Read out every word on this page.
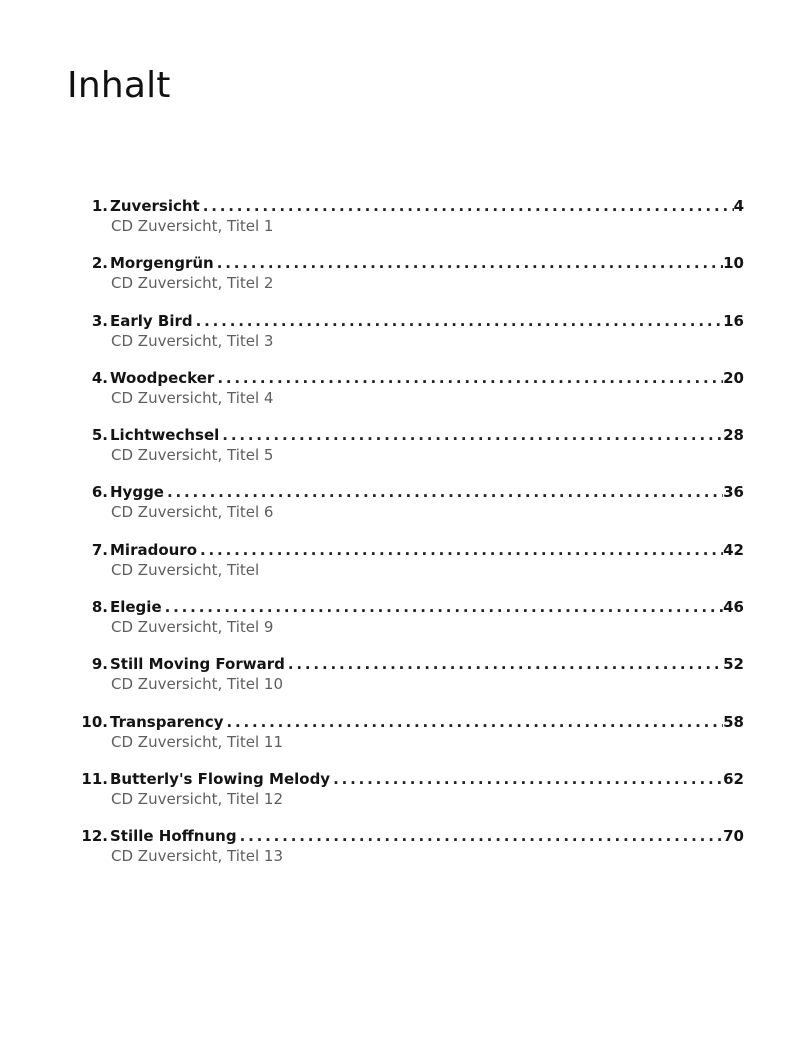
Inhalt
1. Zuversicht . . .	4
CD Zuversicht, Titel 1
2. Morgengrün . . .	10
CD Zuversicht, Titel 2
3. Early Bird . . .	16
CD Zuversicht, Titel 3
4. Woodpecker . . .	20
CD Zuversicht, Titel 4
5. Lichtwechsel . . .	28
CD Zuversicht, Titel 5
6. Hygge . . .	36
CD Zuversicht, Titel 6
7. Miradouro . . .	42
CD Zuversicht, Titel
8. Elegie . . .	46
CD Zuversicht, Titel 9
9. Still Moving Forward . . .	52
CD Zuversicht, Titel 10
10. Transparency . . .	58
CD Zuversicht, Titel 11
11. Butterly's Flowing Melody . . .	62
CD Zuversicht, Titel 12
12. Stille Hoffnung . . .	70
CD Zuversicht, Titel 13
